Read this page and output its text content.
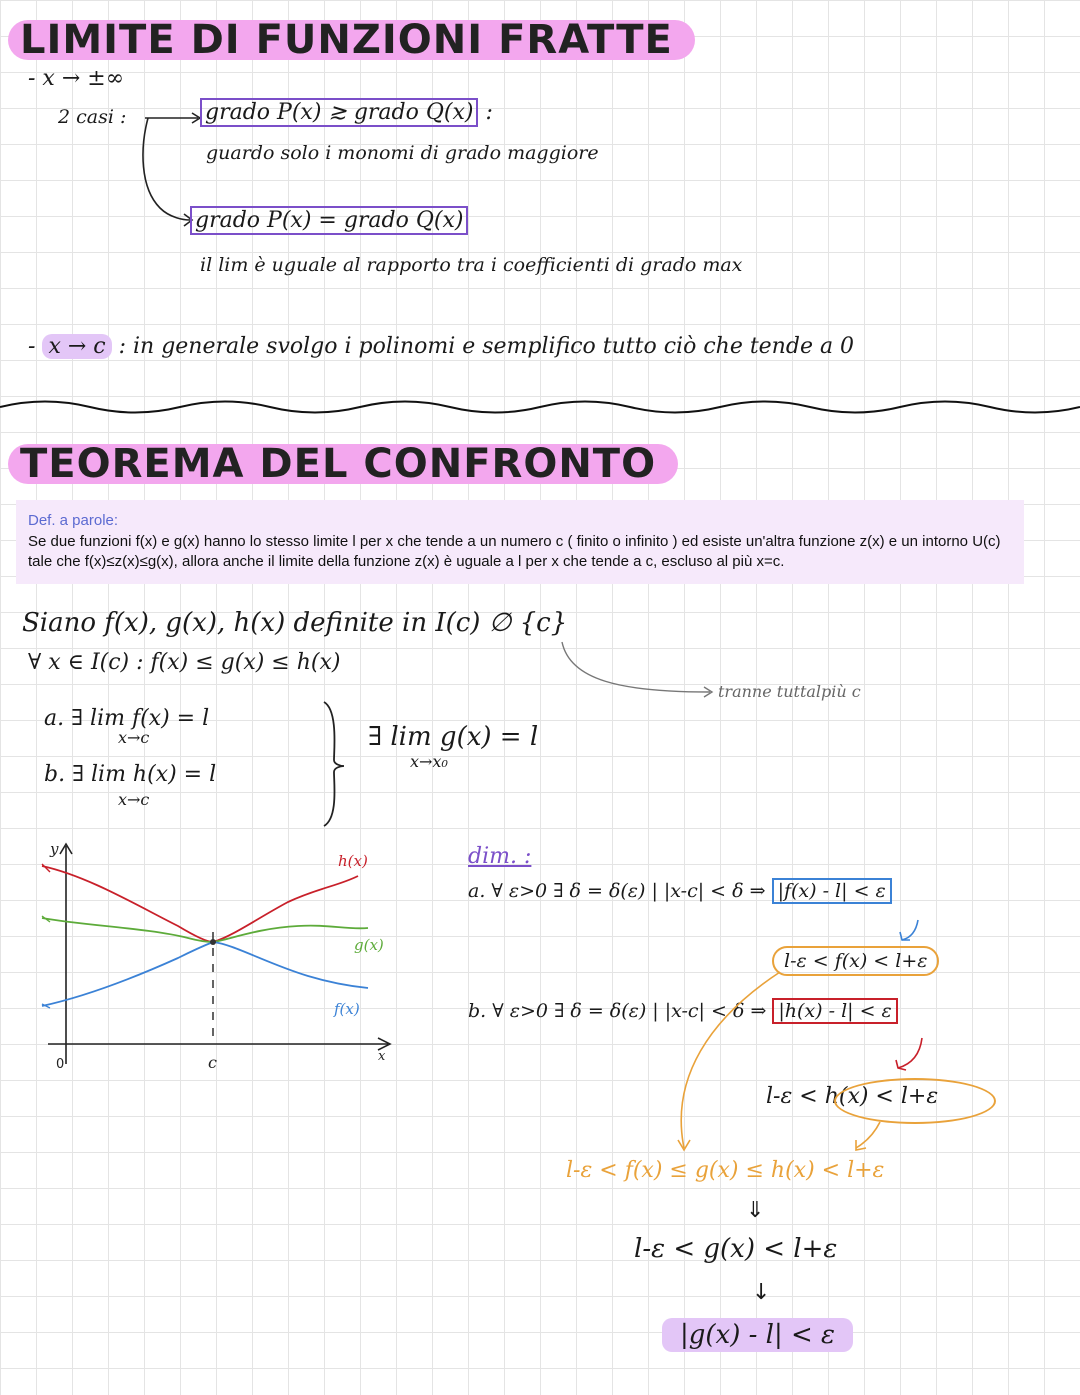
LIMITE DI FUNZIONI FRATTE
- x → ±∞
2 casi :	grado P(x) ≳ grado Q(x) :
guardo solo i monomi di grado maggiore
grado P(x) = grado Q(x)
il lim è uguale al rapporto tra i coefficienti di grado max
- x → c : in generale svolgo i polinomi e semplifico tutto ciò che tende a 0
TEOREMA DEL CONFRONTO
Def. a parole:
Se due funzioni f(x) e g(x) hanno lo stesso limite l per x che tende a un numero c ( finito o infinito ) ed esiste un'altra funzione z(x) e un intorno U(c) tale che f(x)≤z(x)≤g(x), allora anche il limite della funzione z(x) è uguale a l per x che tende a c, escluso al più x=c.
Siano f(x), g(x), h(x) definite in I(c) ∅ {c}
∀ x ∈ I(c) : f(x) ≤ g(x) ≤ h(x)
tranne tuttalpiù c
a. ∃ lim f(x) = l
x→c
b. ∃ lim h(x) = l
x→c
∃ lim g(x) = l
x→x₀
y
x
0	c
h(x)
g(x)
f(x)
dim. :
a. ∀ ε>0 ∃ δ = δ(ε) | |x-c| < δ ⇒ |f(x) - l| < ε
l-ε < f(x) < l+ε
b. ∀ ε>0 ∃ δ = δ(ε) | |x-c| < δ ⇒ |h(x) - l| < ε
l-ε < h(x) < l+ε
l-ε < f(x) ≤ g(x) ≤ h(x) < l+ε
⇓
l-ε < g(x) < l+ε
↓
|g(x) - l| < ε
